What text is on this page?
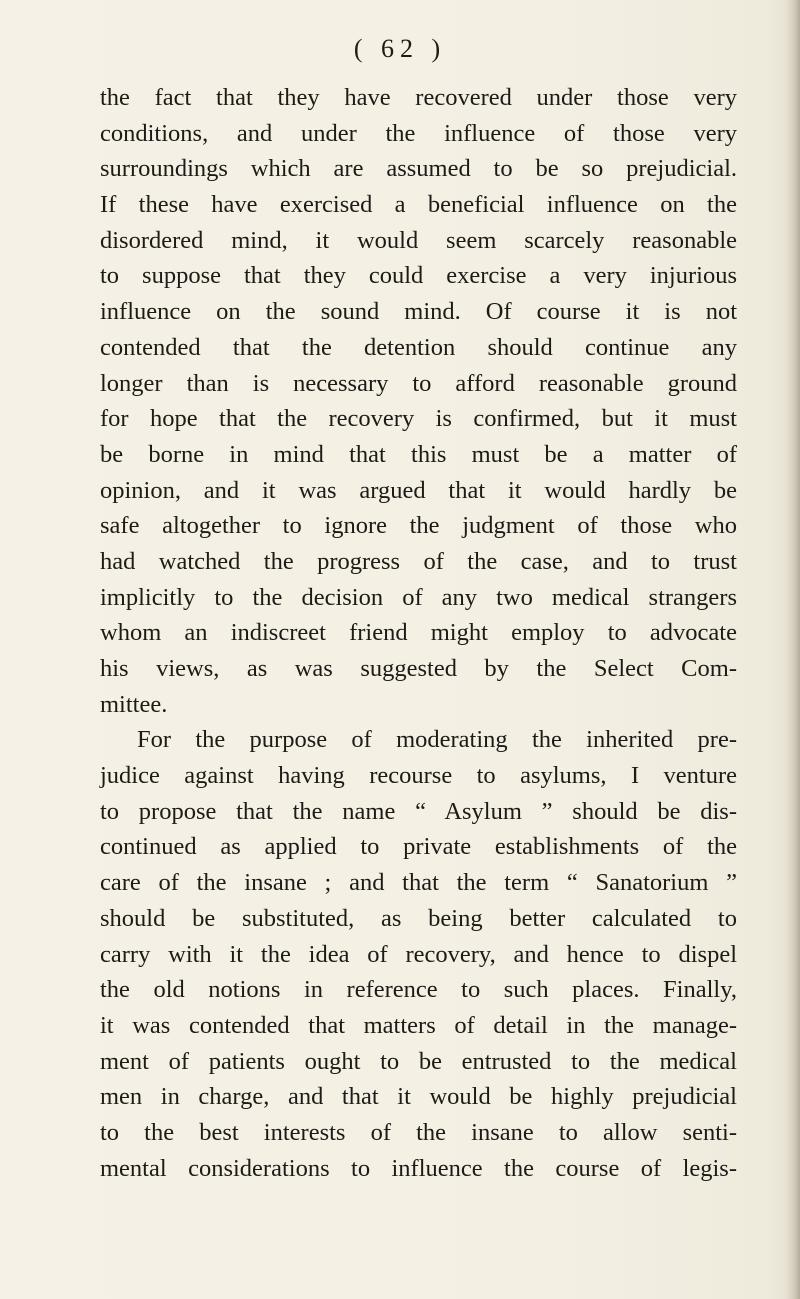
( 62 )
the fact that they have recovered under those very
conditions, and under the influence of those very
surroundings which are assumed to be so prejudicial.
If these have exercised a beneficial influence on the
disordered mind, it would seem scarcely reasonable
to suppose that they could exercise a very injurious
influence on the sound mind. Of course it is not
contended that the detention should continue any
longer than is necessary to afford reasonable ground
for hope that the recovery is confirmed, but it must
be borne in mind that this must be a matter of
opinion, and it was argued that it would hardly be
safe altogether to ignore the judgment of those who
had watched the progress of the case, and to trust
implicitly to the decision of any two medical strangers
whom an indiscreet friend might employ to advocate
his views, as was suggested by the Select Com-
mittee.
For the purpose of moderating the inherited pre-
judice against having recourse to asylums, I venture
to propose that the name “ Asylum ” should be dis-
continued as applied to private establishments of the
care of the insane ; and that the term “ Sanatorium ”
should be substituted, as being better calculated to
carry with it the idea of recovery, and hence to dispel
the old notions in reference to such places. Finally,
it was contended that matters of detail in the manage-
ment of patients ought to be entrusted to the medical
men in charge, and that it would be highly prejudicial
to the best interests of the insane to allow senti-
mental considerations to influence the course of legis-
